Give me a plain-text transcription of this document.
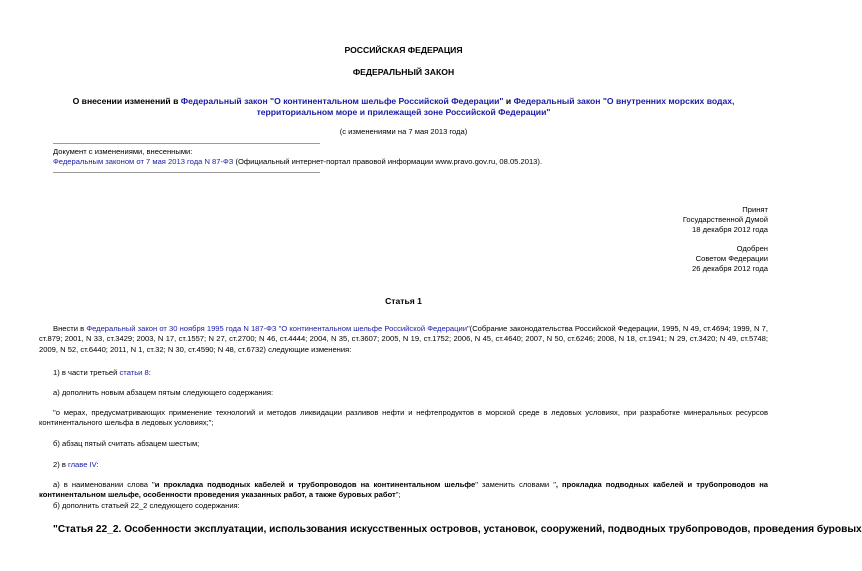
РОССИЙСКАЯ ФЕДЕРАЦИЯ
ФЕДЕРАЛЬНЫЙ ЗАКОН
О внесении изменений в Федеральный закон "О континентальном шельфе Российской Федерации" и Федеральный закон "О внутренних морских водах,
территориальном море и прилежащей зоне Российской Федерации"
(с изменениями на 7 мая 2013 года)
Документ с изменениями, внесенными:
Федеральным законом от 7 мая 2013 года N 87-ФЗ (Официальный интернет-портал правовой информации www.pravo.gov.ru, 08.05.2013).
Принят
Государственной Думой
18 декабря 2012 года
Одобрен
Советом Федерации
26 декабря 2012 года
Статья 1
Внести в Федеральный закон от 30 ноября 1995 года N 187-ФЗ "О континентальном шельфе Российской Федерации"(Собрание законодательства Российской Федерации, 1995, N 49, ст.4694; 1999, N 7, ст.879; 2001, N 33, ст.3429; 2003, N 17, ст.1557; N 27, ст.2700; N 46, ст.4444; 2004, N 35, ст.3607; 2005, N 19, ст.1752; 2006, N 45, ст.4640; 2007, N 50, ст.6246; 2008, N 18, ст.1941; N 29, ст.3420; N 49, ст.5748; 2009, N 52, ст.6440; 2011, N 1, ст.32; N 30, ст.4590; N 48, ст.6732) следующие изменения:
1) в части третьей статьи 8:
а) дополнить новым абзацем пятым следующего содержания:
"о мерах, предусматривающих применение технологий и методов ликвидации разливов нефти и нефтепродуктов в морской среде в ледовых условиях, при разработке минеральных ресурсов континентального шельфа в ледовых условиях;";
б) абзац пятый считать абзацем шестым;
2) в главе IV:
а) в наименовании слова "и прокладка подводных кабелей и трубопроводов на континентальном шельфе" заменить словами ", прокладка подводных кабелей и трубопроводов на континентальном шельфе, особенности проведения указанных работ, а также буровых работ";
б) дополнить статьей 22_2 следующего содержания:
"Статья 22_2. Особенности эксплуатации, использования искусственных островов, установок, сооружений, подводных трубопроводов, проведения буровых
